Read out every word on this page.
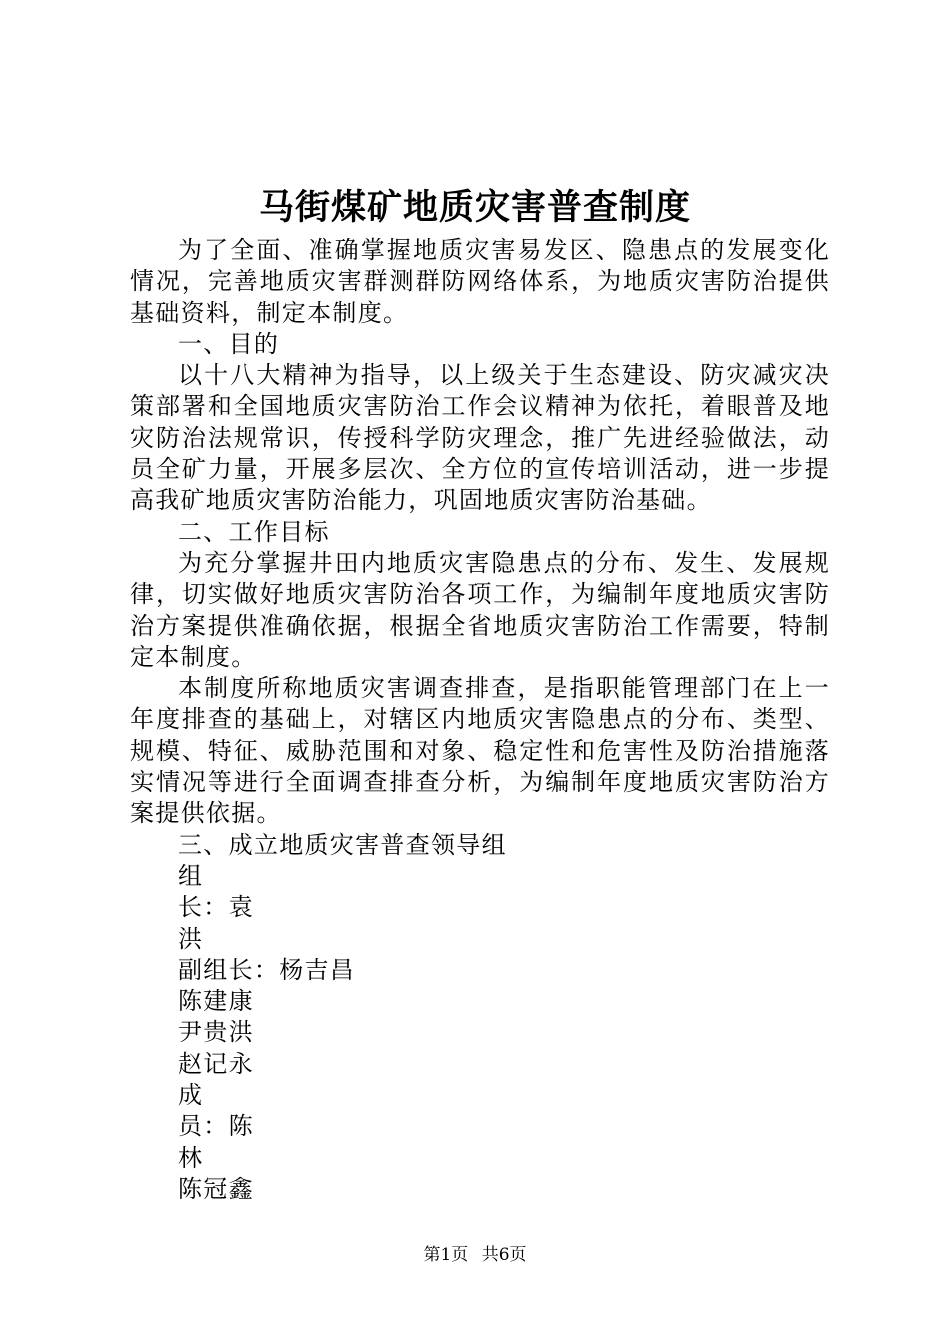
马街煤矿地质灾害普查制度

为了全面、准确掌握地质灾害易发区、隐患点的发展变化情况，完善地质灾害群测群防网络体系，为地质灾害防治提供基础资料，制定本制度。

一、目的

以十八大精神为指导，以上级关于生态建设、防灾减灾决策部署和全国地质灾害防治工作会议精神为依托，着眼普及地灾防治法规常识，传授科学防灾理念，推广先进经验做法，动员全矿力量，开展多层次、全方位的宣传培训活动，进一步提高我矿地质灾害防治能力，巩固地质灾害防治基础。

二、工作目标

为充分掌握井田内地质灾害隐患点的分布、发生、发展规律，切实做好地质灾害防治各项工作，为编制年度地质灾害防治方案提供准确依据，根据全省地质灾害防治工作需要，特制定本制度。

本制度所称地质灾害调查排查，是指职能管理部门在上一年度排查的基础上，对辖区内地质灾害隐患点的分布、类型、规模、特征、威胁范围和对象、稳定性和危害性及防治措施落实情况等进行全面调查排查分析，为编制年度地质灾害防治方案提供依据。

三、成立地质灾害普查领导组

组

长：袁

洪

副组长：杨吉昌

陈建康

尹贵洪

赵记永

成

员：陈

林

陈冠鑫

第1页 共6页
